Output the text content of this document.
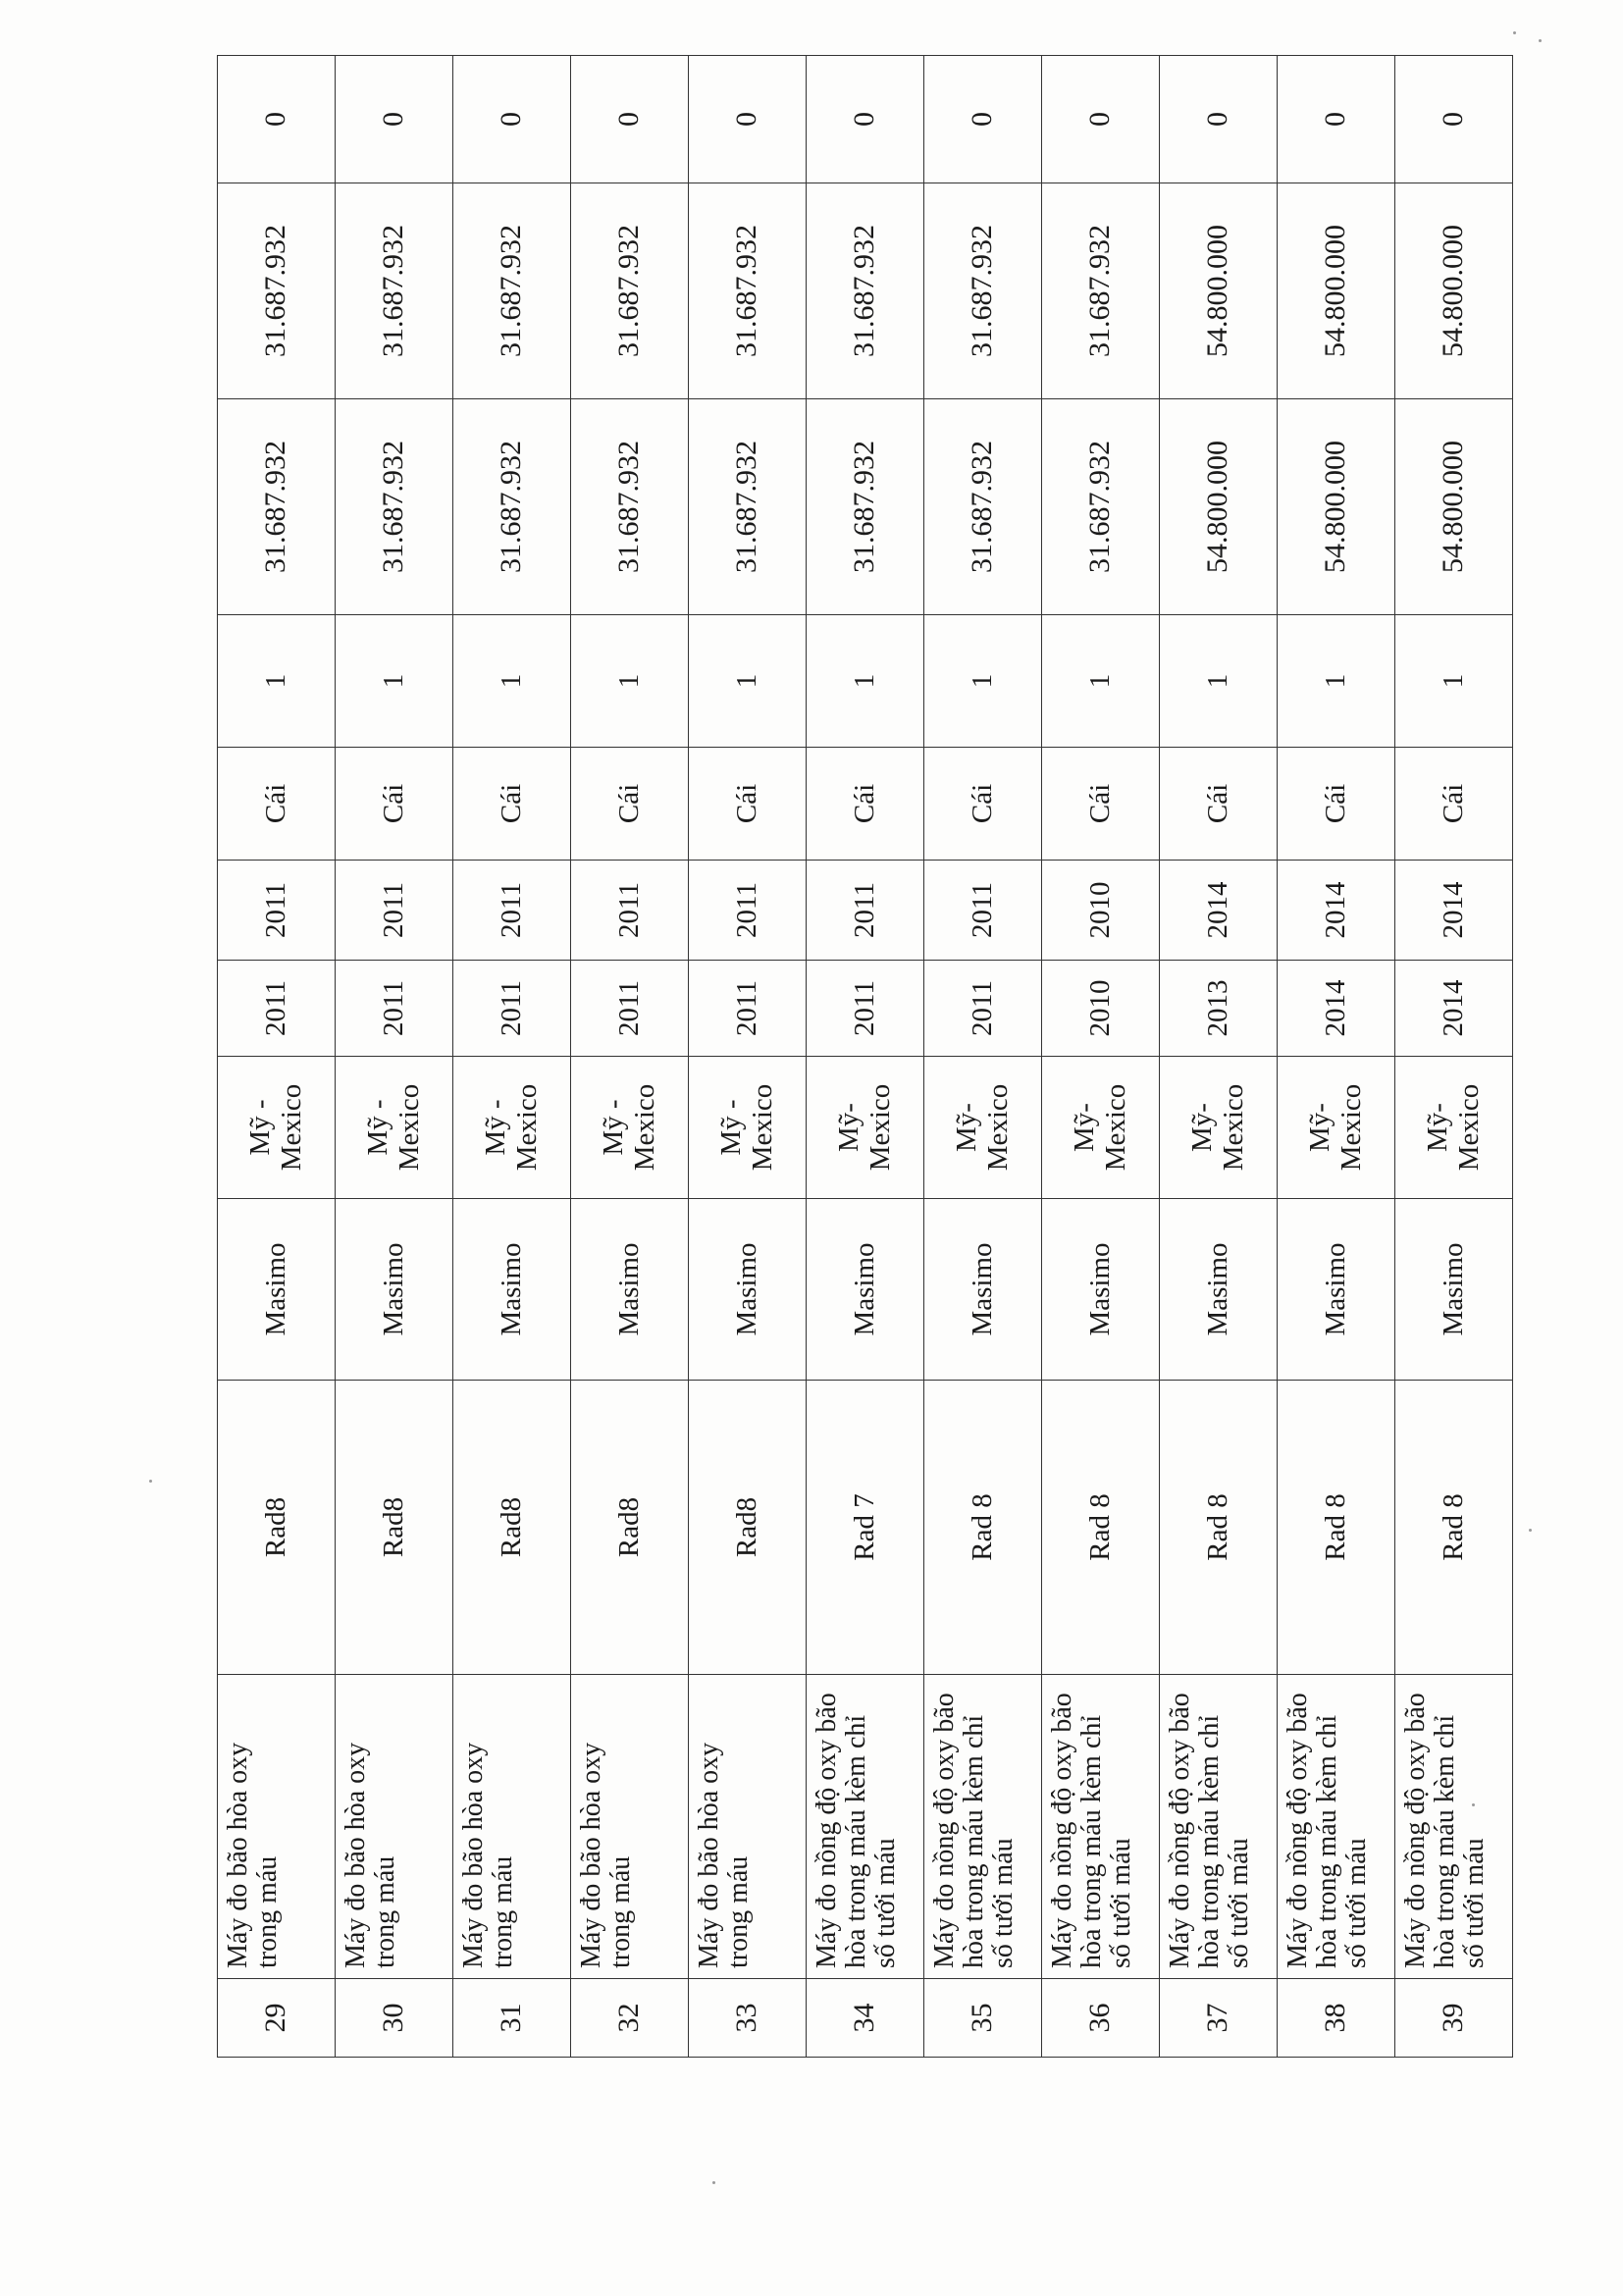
29	Máy đo bão hòa oxy trong máu	Rad8	Masimo	Mỹ - Mexico	2011	2011	Cái	1	31.687.932	31.687.932	0
30	Máy đo bão hòa oxy trong máu	Rad8	Masimo	Mỹ - Mexico	2011	2011	Cái	1	31.687.932	31.687.932	0
31	Máy đo bão hòa oxy trong máu	Rad8	Masimo	Mỹ - Mexico	2011	2011	Cái	1	31.687.932	31.687.932	0
32	Máy đo bão hòa oxy trong máu	Rad8	Masimo	Mỹ - Mexico	2011	2011	Cái	1	31.687.932	31.687.932	0
33	Máy đo bão hòa oxy trong máu	Rad8	Masimo	Mỹ - Mexico	2011	2011	Cái	1	31.687.932	31.687.932	0
34	Máy đo nồng độ oxy bão hòa trong máu kèm chỉ số tưới máu	Rad 7	Masimo	Mỹ- Mexico	2011	2011	Cái	1	31.687.932	31.687.932	0
35	Máy đo nồng độ oxy bão hòa trong máu kèm chỉ số tưới máu	Rad 8	Masimo	Mỹ- Mexico	2011	2011	Cái	1	31.687.932	31.687.932	0
36	Máy đo nồng độ oxy bão hòa trong máu kèm chỉ số tưới máu	Rad 8	Masimo	Mỹ- Mexico	2010	2010	Cái	1	31.687.932	31.687.932	0
37	Máy đo nồng độ oxy bão hòa trong máu kèm chỉ số tưới máu	Rad 8	Masimo	Mỹ- Mexico	2013	2014	Cái	1	54.800.000	54.800.000	0
38	Máy đo nồng độ oxy bão hòa trong máu kèm chỉ số tưới máu	Rad 8	Masimo	Mỹ- Mexico	2014	2014	Cái	1	54.800.000	54.800.000	0
39	Máy đo nồng độ oxy bão hòa trong máu kèm chỉ số tưới máu	Rad 8	Masimo	Mỹ- Mexico	2014	2014	Cái	1	54.800.000	54.800.000	0
